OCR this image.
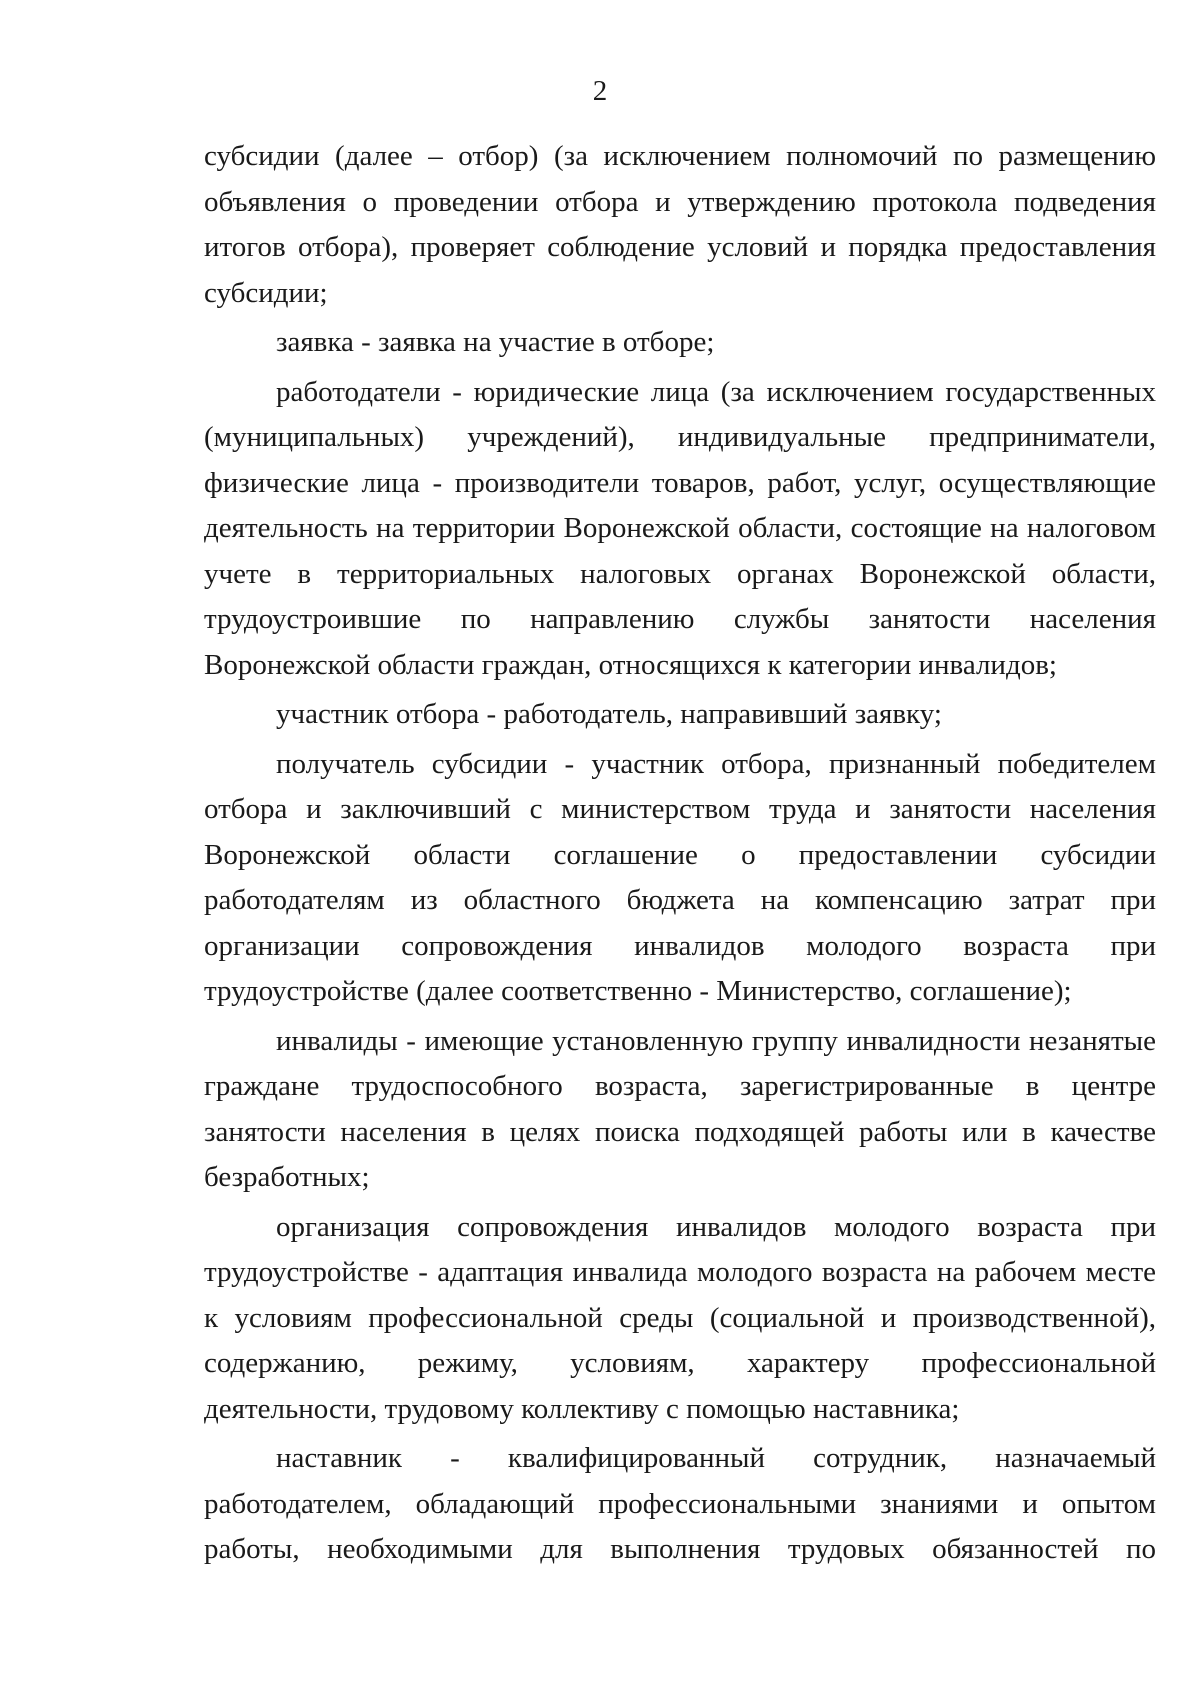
2

субсидии (далее – отбор) (за исключением полномочий по размещению объявления о проведении отбора и утверждению протокола подведения итогов отбора), проверяет соблюдение условий и порядка предоставления субсидии;

заявка - заявка на участие в отборе;

работодатели - юридические лица (за исключением государственных (муниципальных) учреждений), индивидуальные предприниматели, физические лица - производители товаров, работ, услуг, осуществляющие деятельность на территории Воронежской области, состоящие на налоговом учете в территориальных налоговых органах Воронежской области, трудоустроившие по направлению службы занятости населения Воронежской области граждан, относящихся к категории инвалидов;

участник отбора - работодатель, направивший заявку;

получатель субсидии - участник отбора, признанный победителем отбора и заключивший с министерством труда и занятости населения Воронежской области соглашение о предоставлении субсидии работодателям из областного бюджета на компенсацию затрат при организации сопровождения инвалидов молодого возраста при трудоустройстве (далее соответственно - Министерство, соглашение);

инвалиды - имеющие установленную группу инвалидности незанятые граждане трудоспособного возраста, зарегистрированные в центре занятости населения в целях поиска подходящей работы или в качестве безработных;

организация сопровождения инвалидов молодого возраста при трудоустройстве - адаптация инвалида молодого возраста на рабочем месте к условиям профессиональной среды (социальной и производственной), содержанию, режиму, условиям, характеру профессиональной деятельности, трудовому коллективу с помощью наставника;

наставник - квалифицированный сотрудник, назначаемый работодателем, обладающий профессиональными знаниями и опытом работы, необходимыми для выполнения трудовых обязанностей по
